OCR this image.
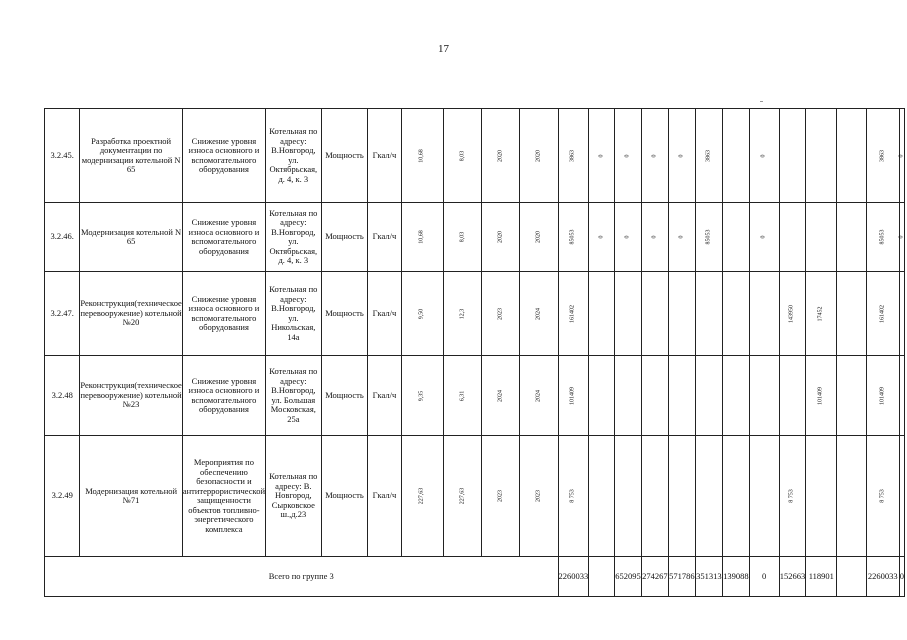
17
3.2.45.	Разработка проектной документации по модернизации котельной N 65	Снижение уровня износа основного и вспомогательного оборудования	Котельная по адресу: В.Новгород, ул. Октябрьская, д. 4, к. 3	Мощность	Гкал/ч	10,68	8,03	2020	2020	3863	0	0	0	0	3863		0				3863	0

3.2.46.	Модернизация котельной N 65	Снижение уровня износа основного и вспомогательного оборудования	Котельная по адресу: В.Новгород, ул. Октябрьская, д. 4, к. 3	Мощность	Гкал/ч	10,68	8,03	2020	2020	85053	0	0	0	0	85053		0				85053	0

3.2.47.	Реконструкция(техническое перевооружение) котельной №20	Снижение уровня износа основного и вспомогательного оборудования	Котельная по адресу: В.Новгород, ул. Никольская, 14а	Мощность	Гкал/ч	9,50	12,3	2023	2024	161402								143950	17452		161402	

3.2.48	Реконструкция(техническое перевооружение) котельной №23	Снижение уровня износа основного и вспомогательного оборудования	Котельная по адресу: В.Новгород, ул. Большая Московская, 25а	Мощность	Гкал/ч	9,35	6,31	2024	2024	101409									101409		101409	

3.2.49	Модернизация котельной №71	Мероприятия по обеспечению безопасности и антитеррористической защищенности объектов топливно-энергетического комплекса	Котельная по адресу: В. Новгород, Сырковское ш.,д.23	Мощность	Гкал/ч	227,63	227,63	2023	2023	8 753								8 753			8 753	

Всего по группе 3										2260033		652095	274267	571786	351313	139088	0	152663	118901		2260033	0
